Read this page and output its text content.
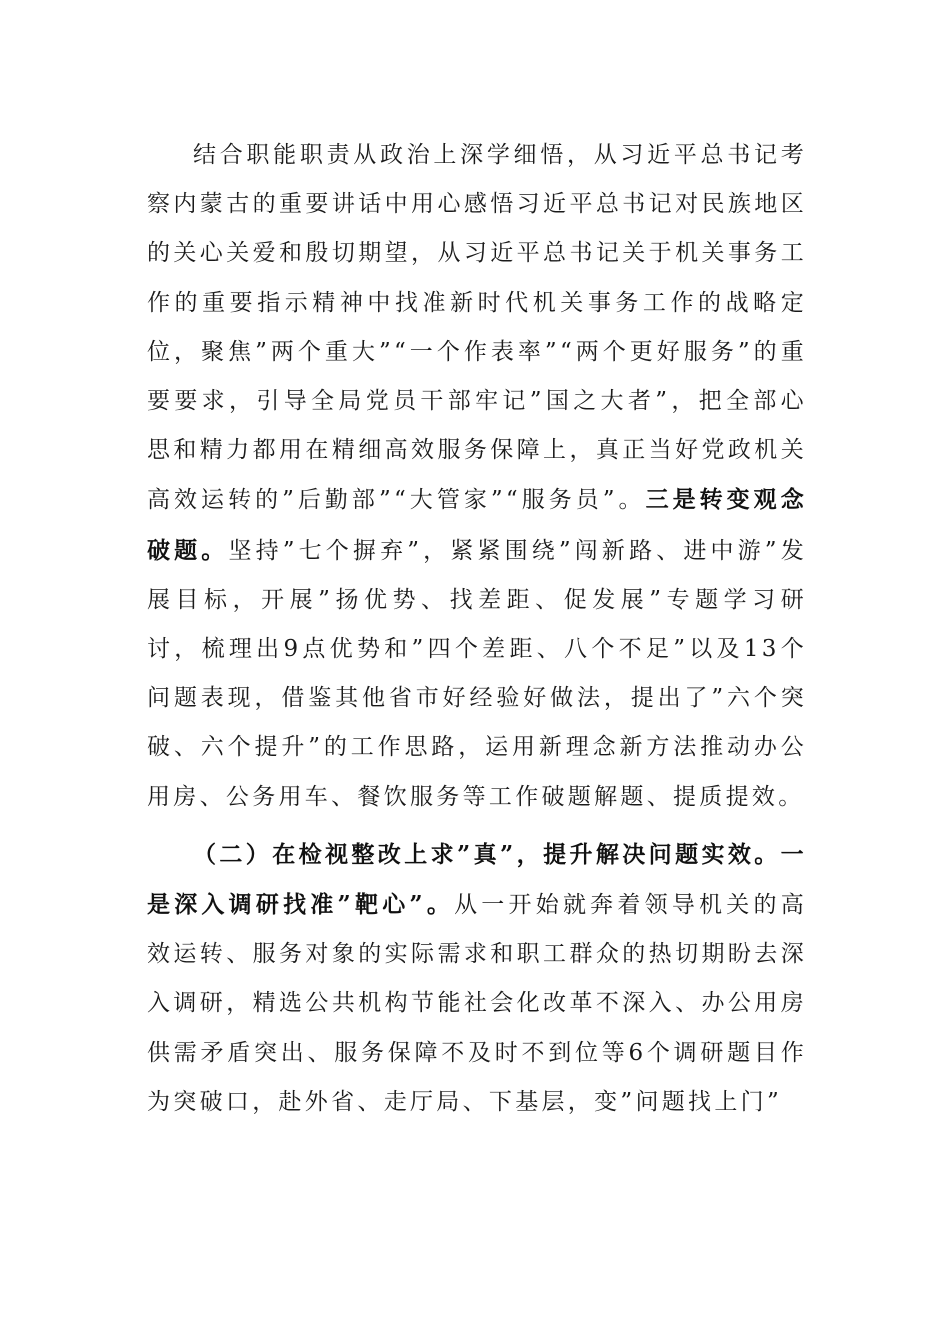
结合职能职责从政治上深学细悟，从习近平总书记考察内蒙古的重要讲话中用心感悟习近平总书记对民族地区的关心关爱和殷切期望，从习近平总书记关于机关事务工作的重要指示精神中找准新时代机关事务工作的战略定位，聚焦”两个重大”“一个作表率”“两个更好服务”的重要要求，引导全局党员干部牢记”国之大者”，把全部心思和精力都用在精细高效服务保障上，真正当好党政机关高效运转的”后勤部”“大管家”“服务员”。三是转变观念破题。坚持”七个摒弃”，紧紧围绕”闯新路、进中游”发展目标，开展”扬优势、找差距、促发展”专题学习研讨，梳理出9点优势和”四个差距、八个不足”以及13个问题表现，借鉴其他省市好经验好做法，提出了”六个突破、六个提升”的工作思路，运用新理念新方法推动办公用房、公务用车、餐饮服务等工作破题解题、提质提效。

（二）在检视整改上求”真”，提升解决问题实效。一是深入调研找准”靶心”。从一开始就奔着领导机关的高效运转、服务对象的实际需求和职工群众的热切期盼去深入调研，精选公共机构节能社会化改革不深入、办公用房供需矛盾突出、服务保障不及时不到位等6个调研题目作为突破口，赴外省、走厅局、下基层，变”问题找上门”
